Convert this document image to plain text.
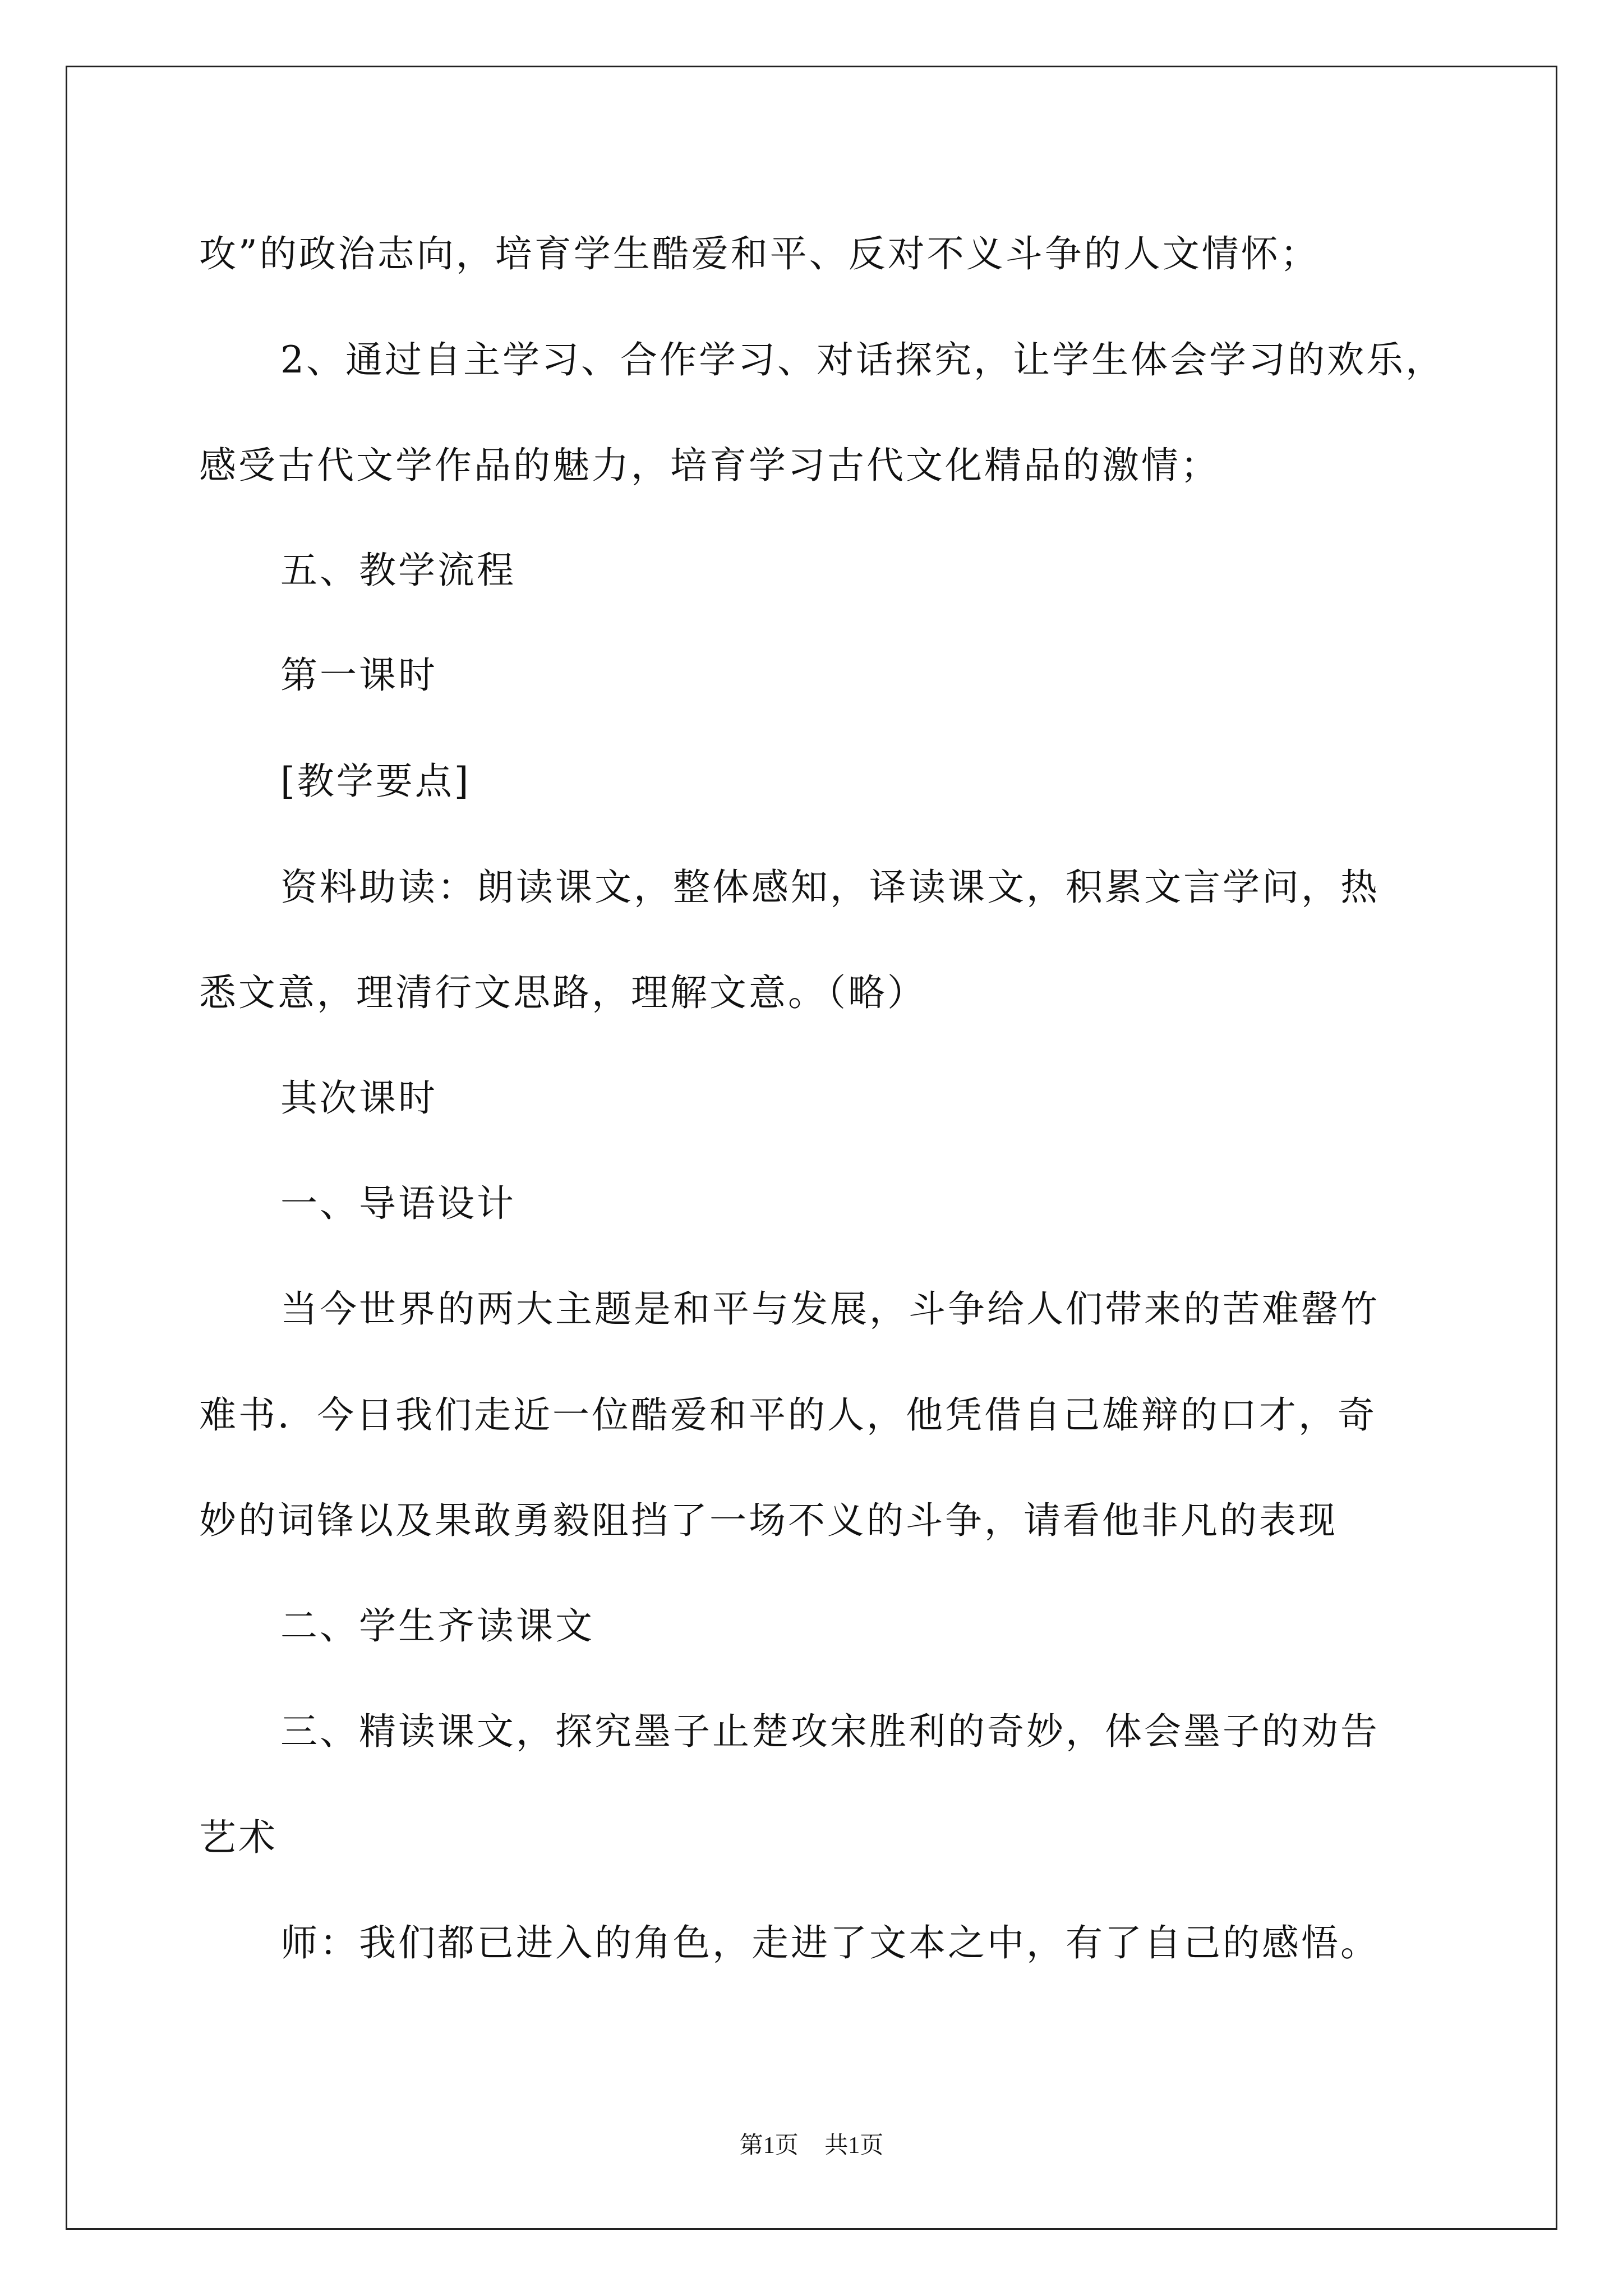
攻”的政治志向，培育学生酷爱和平、反对不义斗争的人文情怀；
2、通过自主学习、合作学习、对话探究，让学生体会学习的欢乐，
感受古代文学作品的魅力，培育学习古代文化精品的激情；
五、教学流程
第一课时
[教学要点]
资料助读：朗读课文，整体感知，译读课文，积累文言学问，热
悉文意，理清行文思路，理解文意。（略）
其次课时
一、导语设计
当今世界的两大主题是和平与发展，斗争给人们带来的苦难罄竹
难书．今日我们走近一位酷爱和平的人，他凭借自己雄辩的口才，奇
妙的词锋以及果敢勇毅阻挡了一场不义的斗争，请看他非凡的表现
二、学生齐读课文
三、精读课文，探究墨子止楚攻宋胜利的奇妙，体会墨子的劝告
艺术
师：我们都已进入的角色，走进了文本之中，有了自己的感悟。
第1页 共1页
